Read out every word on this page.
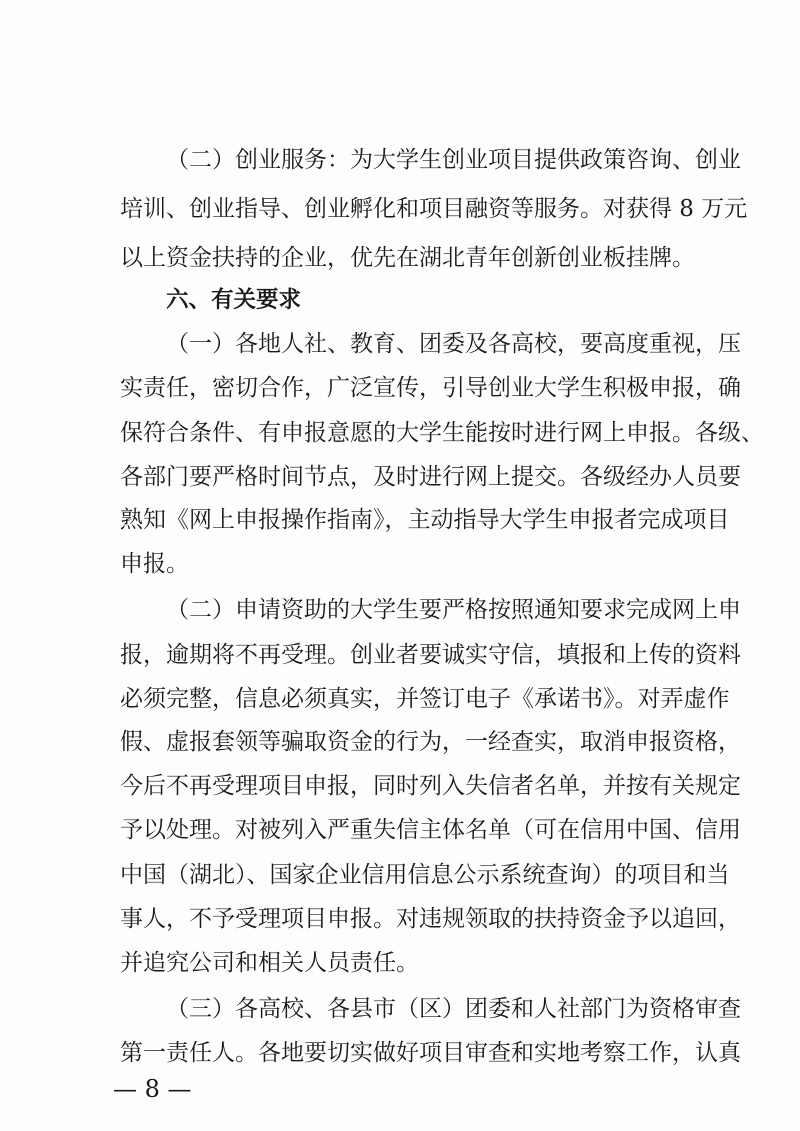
（二）创业服务：为大学生创业项目提供政策咨询、创业
培训、创业指导、创业孵化和项目融资等服务。对获得 8 万元
以上资金扶持的企业，优先在湖北青年创新创业板挂牌。
六、有关要求
（一）各地人社、教育、团委及各高校，要高度重视，压
实责任，密切合作，广泛宣传，引导创业大学生积极申报，确
保符合条件、有申报意愿的大学生能按时进行网上申报。各级、
各部门要严格时间节点，及时进行网上提交。各级经办人员要
熟知《网上申报操作指南》，主动指导大学生申报者完成项目
申报。
（二）申请资助的大学生要严格按照通知要求完成网上申
报，逾期将不再受理。创业者要诚实守信，填报和上传的资料
必须完整，信息必须真实，并签订电子《承诺书》。对弄虚作
假、虚报套领等骗取资金的行为，一经查实，取消申报资格，
今后不再受理项目申报，同时列入失信者名单，并按有关规定
予以处理。对被列入严重失信主体名单（可在信用中国、信用
中国（湖北）、国家企业信用信息公示系统查询）的项目和当
事人，不予受理项目申报。对违规领取的扶持资金予以追回，
并追究公司和相关人员责任。
（三）各高校、各县市（区）团委和人社部门为资格审查
第一责任人。各地要切实做好项目审查和实地考察工作，认真
— 8 —
